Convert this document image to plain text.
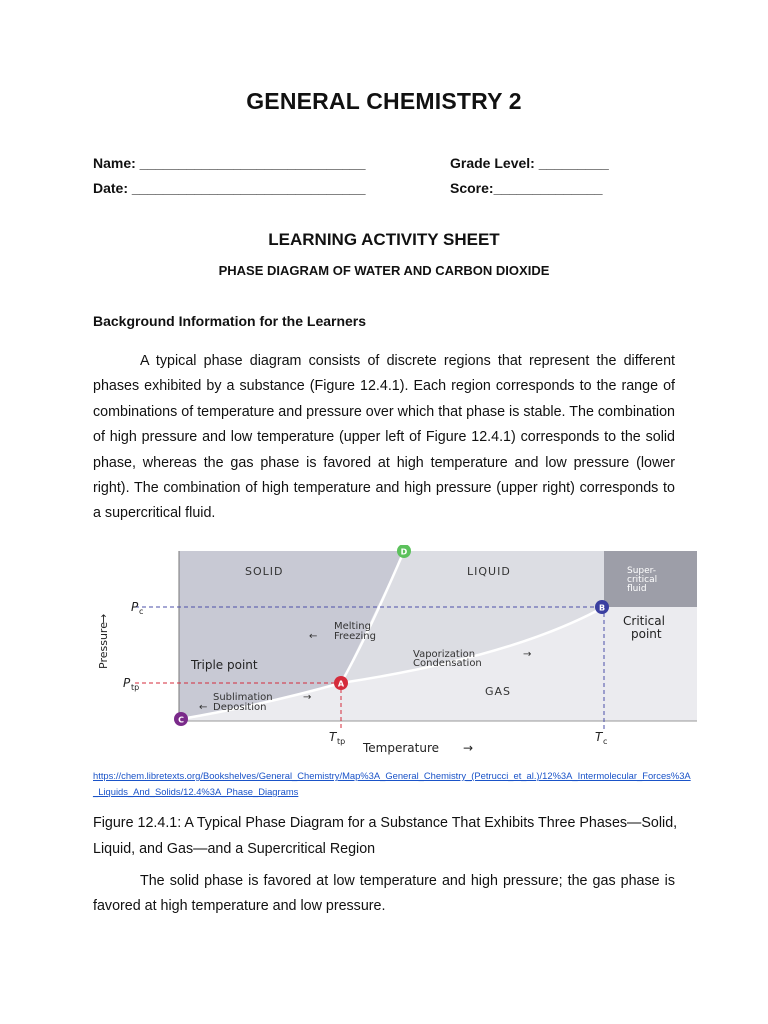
GENERAL CHEMISTRY 2
Name: _____________________________	Grade Level: _________
Date: ______________________________	Score:______________
LEARNING ACTIVITY SHEET
PHASE DIAGRAM OF WATER AND CARBON DIOXIDE
Background Information for the Learners
A typical phase diagram consists of discrete regions that represent the different phases exhibited by a substance (Figure 12.4.1). Each region corresponds to the range of combinations of temperature and pressure over which that phase is stable. The combination of high pressure and low temperature (upper left of Figure 12.4.1) corresponds to the solid phase, whereas the gas phase is favored at high temperature and low pressure (lower right). The combination of high temperature and high pressure (upper right) corresponds to a supercritical fluid.
SOLID	LIQUID
GAS
Super-
critical
fluid
Melting
← Freezing
Vaporization	→
Condensation
Sublimation	→
← Deposition
Triple point
Critical
point
P c
P tp
T tp	T c
Temperature →
Pressure
→
A
B
C
D
https://chem.libretexts.org/Bookshelves/General_Chemistry/Map%3A_General_Chemistry_(Petrucci_et_al.)/12%3A_Intermolecular_Forces%3A_Liquids_And_Solids/12.4%3A_Phase_Diagrams
Figure 12.4.1: A Typical Phase Diagram for a Substance That Exhibits Three Phases—Solid, Liquid, and Gas—and a Supercritical Region
The solid phase is favored at low temperature and high pressure; the gas phase is favored at high temperature and low pressure.
